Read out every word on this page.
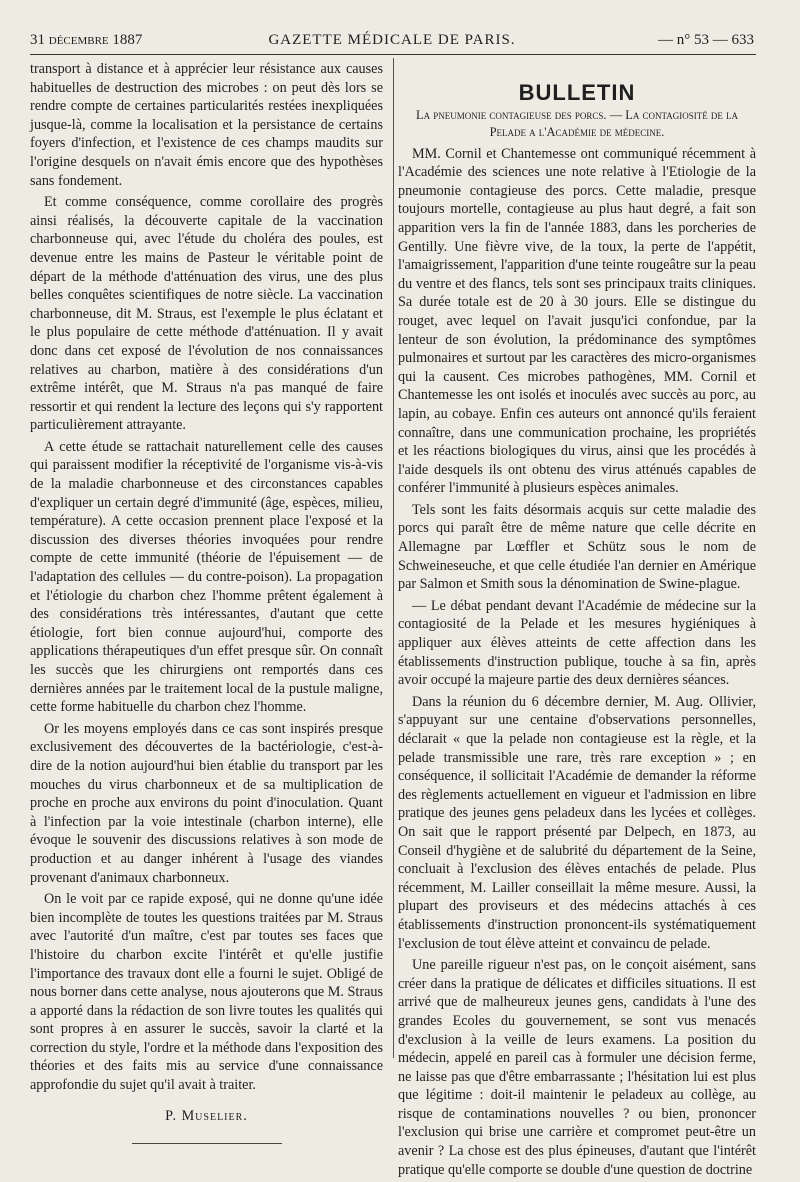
31 décembre 1887	GAZETTE MÉDICALE DE PARIS.	— n° 53 — 633

transport à distance et à apprécier leur résistance aux causes habituelles de destruction des microbes : on peut dès lors se rendre compte de certaines particularités restées inexpliquées jusque-là, comme la localisation et la persistance de certains foyers d'infection, et l'existence de ces champs maudits sur l'origine desquels on n'avait émis encore que des hypothèses sans fondement.

Et comme conséquence, comme corollaire des progrès ainsi réalisés, la découverte capitale de la vaccination charbonneuse qui, avec l'étude du choléra des poules, est devenue entre les mains de Pasteur le véritable point de départ de la méthode d'atténuation des virus, une des plus belles conquêtes scientifiques de notre siècle. La vaccination charbonneuse, dit M. Straus, est l'exemple le plus éclatant et le plus populaire de cette méthode d'atténuation. Il y avait donc dans cet exposé de l'évolution de nos connaissances relatives au charbon, matière à des considérations d'un extrême intérêt, que M. Straus n'a pas manqué de faire ressortir et qui rendent la lecture des leçons qui s'y rapportent particulièrement attrayante.

A cette étude se rattachait naturellement celle des causes qui paraissent modifier la réceptivité de l'organisme vis-à-vis de la maladie charbonneuse et des circonstances capables d'expliquer un certain degré d'immunité (âge, espèces, milieu, température). A cette occasion prennent place l'exposé et la discussion des diverses théories invoquées pour rendre compte de cette immunité (théorie de l'épuisement — de l'adaptation des cellules — du contre-poison). La propagation et l'étiologie du charbon chez l'homme prêtent également à des considérations très intéressantes, d'autant que cette étiologie, fort bien connue aujourd'hui, comporte des applications thérapeutiques d'un effet presque sûr. On connaît les succès que les chirurgiens ont remportés dans ces dernières années par le traitement local de la pustule maligne, cette forme habituelle du charbon chez l'homme.

Or les moyens employés dans ce cas sont inspirés presque exclusivement des découvertes de la bactériologie, c'est-à-dire de la notion aujourd'hui bien établie du transport par les mouches du virus charbonneux et de sa multiplication de proche en proche aux environs du point d'inoculation. Quant à l'infection par la voie intestinale (charbon interne), elle évoque le souvenir des discussions relatives à son mode de production et au danger inhérent à l'usage des viandes provenant d'animaux charbonneux.

On le voit par ce rapide exposé, qui ne donne qu'une idée bien incomplète de toutes les questions traitées par M. Straus avec l'autorité d'un maître, c'est par toutes ses faces que l'histoire du charbon excite l'intérêt et qu'elle justifie l'importance des travaux dont elle a fourni le sujet. Obligé de nous borner dans cette analyse, nous ajouterons que M. Straus a apporté dans la rédaction de son livre toutes les qualités qui sont propres à en assurer le succès, savoir la clarté et la correction du style, l'ordre et la méthode dans l'exposition des théories et des faits mis au service d'une connaissance approfondie du sujet qu'il avait à traiter.

P. Muselier.
BULLETIN
La pneumonie contagieuse des porcs. — La contagiosité de la Pelade a l'Académie de médecine.

MM. Cornil et Chantemesse ont communiqué récemment à l'Académie des sciences une note relative à l'Etiologie de la pneumonie contagieuse des porcs. Cette maladie, presque toujours mortelle, contagieuse au plus haut degré, a fait son apparition vers la fin de l'année 1883, dans les porcheries de Gentilly. Une fièvre vive, de la toux, la perte de l'appétit, l'amaigrissement, l'apparition d'une teinte rougeâtre sur la peau du ventre et des flancs, tels sont ses principaux traits cliniques. Sa durée totale est de 20 à 30 jours. Elle se distingue du rouget, avec lequel on l'avait jusqu'ici confondue, par la lenteur de son évolution, la prédominance des symptômes pulmonaires et surtout par les caractères des micro-organismes qui la causent. Ces microbes pathogènes, MM. Cornil et Chantemesse les ont isolés et inoculés avec succès au porc, au lapin, au cobaye. Enfin ces auteurs ont annoncé qu'ils feraient connaître, dans une communication prochaine, les propriétés et les réactions biologiques du virus, ainsi que les procédés à l'aide desquels ils ont obtenu des virus atténués capables de conférer l'immunité à plusieurs espèces animales.

Tels sont les faits désormais acquis sur cette maladie des porcs qui paraît être de même nature que celle décrite en Allemagne par Lœffler et Schütz sous le nom de Schweineseuche, et que celle étudiée l'an dernier en Amérique par Salmon et Smith sous la dénomination de Swine-plague.

— Le débat pendant devant l'Académie de médecine sur la contagiosité de la Pelade et les mesures hygiéniques à appliquer aux élèves atteints de cette affection dans les établissements d'instruction publique, touche à sa fin, après avoir occupé la majeure partie des deux dernières séances.

Dans la réunion du 6 décembre dernier, M. Aug. Ollivier, s'appuyant sur une centaine d'observations personnelles, déclarait « que la pelade non contagieuse est la règle, et la pelade transmissible une rare, très rare exception » ; en conséquence, il sollicitait l'Académie de demander la réforme des règlements actuellement en vigueur et l'admission en libre pratique des jeunes gens peladeux dans les lycées et collèges. On sait que le rapport présenté par Delpech, en 1873, au Conseil d'hygiène et de salubrité du département de la Seine, concluait à l'exclusion des élèves entachés de pelade. Plus récemment, M. Lailler conseillait la même mesure. Aussi, la plupart des proviseurs et des médecins attachés à ces établissements d'instruction prononcent-ils systématiquement l'exclusion de tout élève atteint et convaincu de pelade.

Une pareille rigueur n'est pas, on le conçoit aisément, sans créer dans la pratique de délicates et difficiles situations. Il est arrivé que de malheureux jeunes gens, candidats à l'une des grandes Ecoles du gouvernement, se sont vus menacés d'exclusion à la veille de leurs examens. La position du médecin, appelé en pareil cas à formuler une décision ferme, ne laisse pas que d'être embarrassante ; l'hésitation lui est plus que légitime : doit-il maintenir le peladeux au collège, au risque de contaminations nouvelles ? ou bien, prononcer l'exclusion qui brise une carrière et compromet peut-être un avenir ? La chose est des plus épineuses, d'autant que l'intérêt pratique qu'elle comporte se double d'une question de doctrine
